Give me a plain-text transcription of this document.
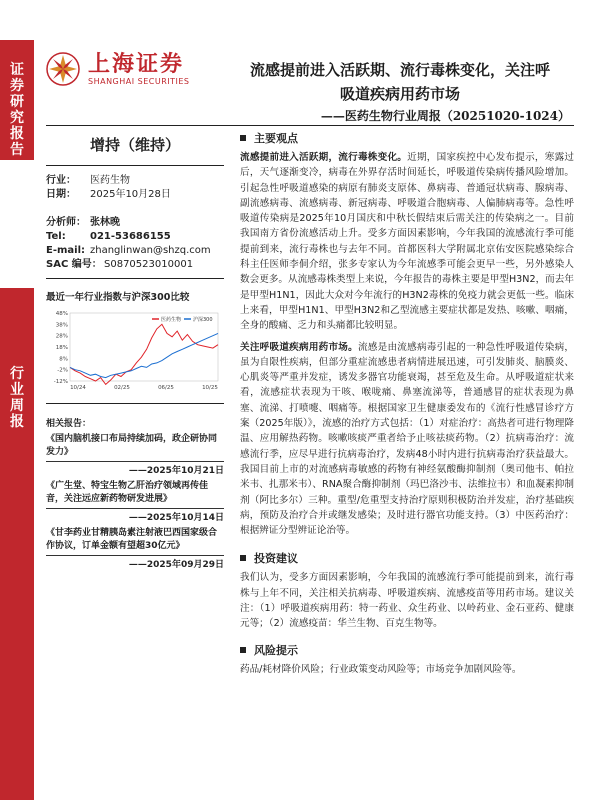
证券研究报告
行业周报
上海证券
SHANGHAI SECURITIES
流感提前进入活跃期、流行毒株变化，关注呼
吸道疾病用药市场
——医药生物行业周报（20251020-1024）
增持（维持）
行业：	医药生物
日期：	2025年10月28日
分析师： 张林晚
Tel:	021-53686155
E-mail: zhanglinwan@shzq.com
SAC 编号： S0870523010001
最近一年行业指数与沪深300比较
48%
38%
28%
18%
8%
-2%
-12%
10/24	02/25	06/25	10/25
医药生物 沪深300
相关报告：
《国内脑机接口布局持续加码，政企研协同发力》
——2025年10月21日
《广生堂、特宝生物乙肝治疗领域再传佳音，关注远应新药物研发进展》
——2025年10月14日
《甘李药业甘精胰岛素注射液巴西国家级合作协议，订单金额有望超30亿元》
——2025年09月29日
主要观点

流感提前进入活跃期，流行毒株变化。近期，国家疾控中心发布提示，寒露过后，天气逐渐变冷，病毒在外界存活时间延长，呼吸道传染病传播风险增加。引起急性呼吸道感染的病原有肺炎支原体、鼻病毒、普通冠状病毒、腺病毒、副流感病毒、流感病毒、新冠病毒、呼吸道合胞病毒、人偏肺病毒等。急性呼吸道传染病是2025年10月国庆和中秋长假结束后需关注的传染病之一。目前我国南方省份流感活动上升。受多方面因素影响，今年我国的流感流行季可能提前到来，流行毒株也与去年不同。首都医科大学附属北京佑安医院感染综合科主任医师李侗介绍，张多专家认为今年流感季可能会更早一些，另外感染人数会更多。从流感毒株类型上来说，今年报告的毒株主要是甲型H3N2，而去年是甲型H1N1，因此大众对今年流行的H3N2毒株的免疫力就会更低一些。临床上来看，甲型H1N1、甲型H3N2和乙型流感主要症状都是发热、咳嗽、咽痛，全身的酸痛、乏力和头痛都比较明显。

关注呼吸道疾病用药市场。流感是由流感病毒引起的一种急性呼吸道传染病，虽为自限性疾病，但部分重症流感患者病情进展迅速，可引发肺炎、脑膜炎、心肌炎等严重并发症，诱发多器官功能衰竭，甚至危及生命。从呼吸道症状来看，流感症状表现为干咳、喉咙痛、鼻塞流涕等，普通感冒的症状表现为鼻塞、流涕、打喷嚏、咽痛等。根据国家卫生健康委发布的《流行性感冒诊疗方案（2025年版）》，流感的治疗方式包括：（1）对症治疗：高热者可进行物理降温、应用解热药物。咳嗽咳痰严重者给予止咳祛痰药物。（2）抗病毒治疗：流感流行季，应尽早进行抗病毒治疗，发病48小时内进行抗病毒治疗获益最大。我国目前上市的对流感病毒敏感的药物有神经氨酸酶抑制剂（奥司他韦、帕拉米韦、扎那米韦）、RNA聚合酶抑制剂（玛巴洛沙韦、法维拉韦）和血凝素抑制剂（阿比多尔）三种。重型/危重型支持治疗原则积极防治并发症，治疗基础疾病，预防及治疗合并或继发感染；及时进行器官功能支持。（3）中医药治疗：根据辨证分型辨证论治等。

投资建议

我们认为，受多方面因素影响，今年我国的流感流行季可能提前到来，流行毒株与上年不同，关注相关抗病毒、呼吸道疾病、流感疫苗等用药市场。建议关注：（1）呼吸道疾病用药：特一药业、众生药业、以岭药业、金石亚药、健康元等；（2）流感疫苗：华兰生物、百克生物等。

风险提示

药品/耗材降价风险；行业政策变动风险等；市场竞争加剧风险等。
